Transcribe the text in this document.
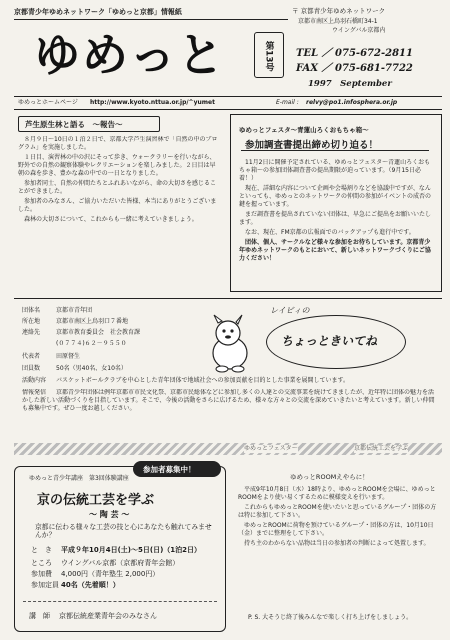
京都青少年ゆめネットワーク「ゆめっと京都」情報紙
ゆめっと	第13号
〒 京都青少年ゆめネットワーク
京都市南区上鳥羽石橋町34-1
ウイングバル京都内
TEL ／ 075-672-2811
FAX ／ 075-681-7722
1997　September
ゆめっとホームページ http://www.kyoto.nttua.or.jp/^yumet	E-mail : relvy@po1.infosphera.or.jp
芦生原生林と語る　～報告～

８月９日～10日の１泊２日で、京都大学芦生演習林で「自然の中のプログラム」を実施しました。

１日目、演習林の中の沢にそって歩き、ウォークラリーを行いながら、野外での自然の観察体験やレクリエーションを楽しみました。２日目は早朝の森を歩き、豊かな森の中での一日となりました。

参加者同士、自然の仲間たちとふれあいながら、命の大切さを感じることができました。

参加者のみなさん、ご協力いただいた皆様、本当にありがとうございました。

森林の大切さについて、これからも一緒に考えていきましょう。

ゆめっとフェスタ～青蓮山ろくおもちゃ箱～
参加調査書提出締め切り迫る！

11月2日に開催予定されている、ゆめっとフェスタ～青蓮山ろくおもちゃ箱～の参加団体調査書の提出期限が迫っています。（9月15日必着！）

現在、詳細な内容について企画や会場割りなどを協議中ですが、なんといっても、ゆめっとのネットワークの仲間の参加がイベントの成否の鍵を握っています。

まだ調査書を提出されていない団体は、早急にご提出をお願いいたします。

なお、現在、FM京都の広報面でのバックアップも進行中です。

団体、個人、サークルなど様々な参加をお待ちしています。京都青少年ゆめネットワークのもとにおいて、新しいネットワークづくりにご協力ください！

団体名	京都市青年団
所在地	京都市南区上鳥羽口７番地
連絡先	京都市教育委員会　社会教育課
(０７７４)６２－９５５０
代表者	田原督生
団員数	50名（男40名、女10名）
活動内容 バスケットボールクラブを中心とした青年団体で地域社会への参加貢献を目的とした事業を展開しています。
情報発信 京都青少年団体は例年京都市市民文化祭、京都市民総体などに参加し多くの人達との交流事業を続けてきましたが、近年特に団体の魅力を活かした新しい活動づくりを目指しています。そこで、今後の活動をさらに広げるため、様々な方々との交流を深めていきたいと考えています。新しい仲間も募集中です。ぜひ一度お越しください。
レイビィの
ちょっときいてね
ゆめっとフェスタ～	京都伝統工芸を学ぶ
ゆめっと青少年講座　第3回体験講座
参加者募集中！
京の伝統工芸を学ぶ
～ 陶 芸 ～
京都に伝わる様々な工芸の技と心にあなたも触れてみませんか？
と　き 平成９年10月4日(土)～5日(日)（1泊2日）
ところ ウイングバル京都（京都府青年会館）
参加費 4,000円（青年塾生 2,000円）
参加定員 40名（先着順！）
講　師 京都伝統産業青年会のみなさん
ゆめっとROOMえやらに！

平成9年10月8日（水）18時より、ゆめっとROOMを会場に、ゆめっとROOMをより使い易くするために模様変えを行います。

これからもゆめっとROOMを使いたいと思っているグループ・団体の方は特に参加して下さい。

ゆめっとROOMに荷物を預けているグループ・団体の方は、10月10日（金）までに整理をして下さい。

持ち主のわからない品物は当日の参加者の判断によって処置します。

P. S. 大そうじ終了後みんなで楽しく打ち上げをしましょう。
